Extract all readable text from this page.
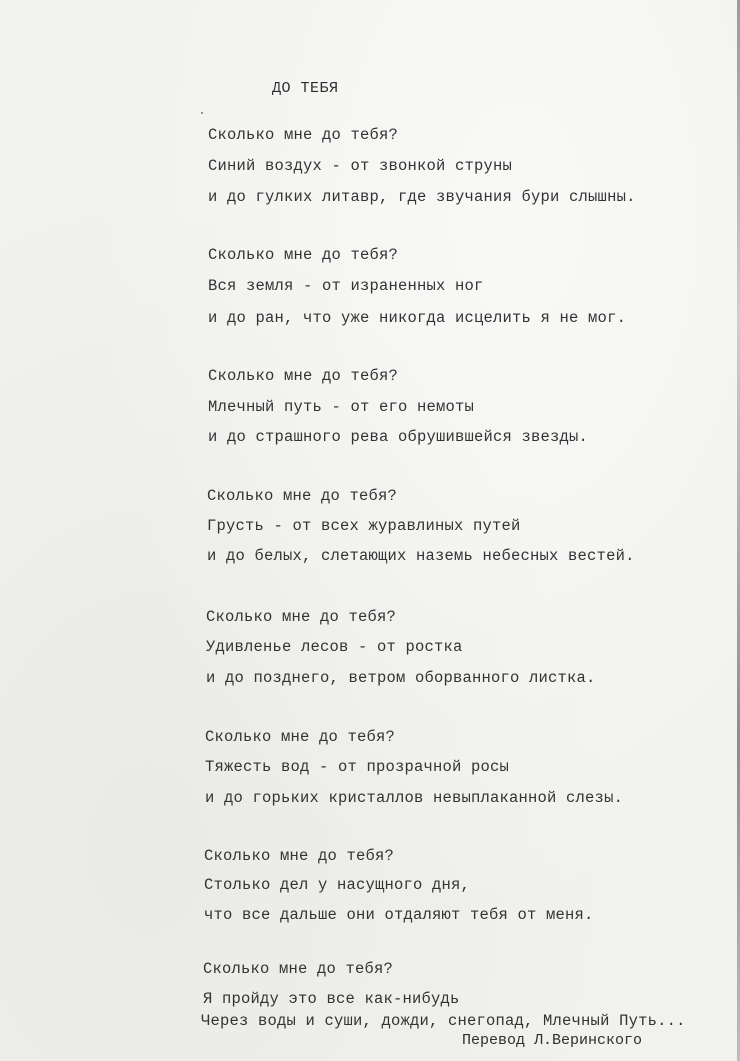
ДО ТЕБЯ
Сколько мне до тебя?
Синий воздух - от звонкой струны
и до гулких литавр, где звучания бури слышны.
Сколько мне до тебя?
Вся земля - от израненных ног
и до ран, что уже никогда исцелить я не мог.
Сколько мне до тебя?
Млечный путь - от его немоты
и до страшного рева обрушившейся звезды.
Сколько мне до тебя?
Грусть - от всех журавлиных путей
и до белых, слетающих наземь небесных вестей.
Сколько мне до тебя?
Удивленье лесов - от ростка
и до позднего, ветром оборванного листка.
Сколько мне до тебя?
Тяжесть вод - от прозрачной росы
и до горьких кристаллов невыплаканной слезы.
Сколько мне до тебя?
Столько дел у насущного дня,
что все дальше они отдаляют тебя от меня.
Сколько мне до тебя?
Я пройду это все как-нибудь
Через воды и суши, дожди, снегопад, Млечный Путь...
Перевод Л.Веринского
